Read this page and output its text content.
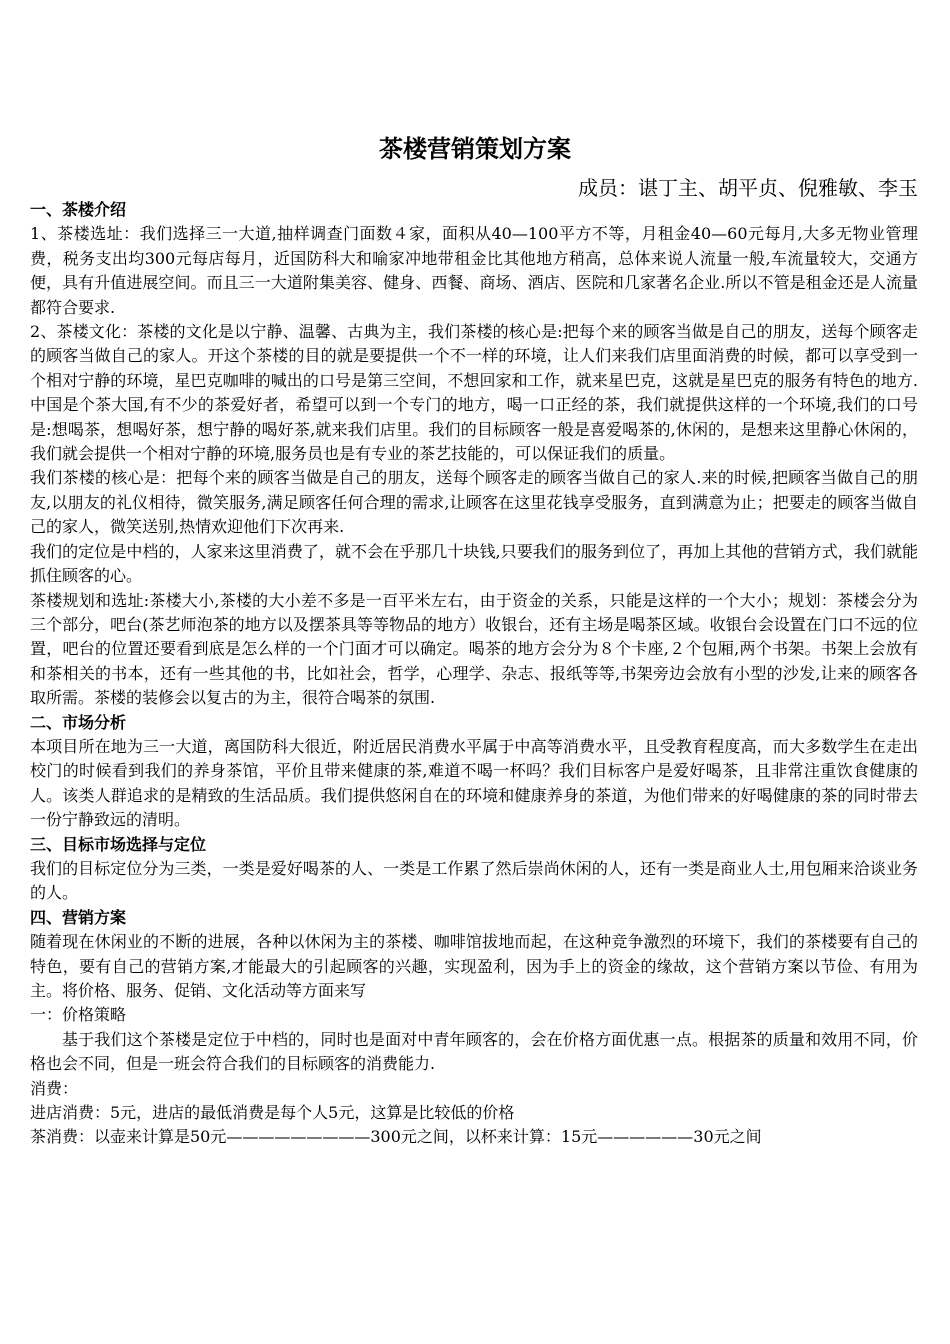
茶楼营销策划方案
成员：谌丁主、胡平贞、倪雅敏、李玉
一、茶楼介绍

1、茶楼选址：我们选择三一大道,抽样调查门面数４家，面积从40—100平方不等，月租金40—60元每月,大多无物业管理费，税务支出均300元每店每月，近国防科大和喻家冲地带租金比其他地方稍高，总体来说人流量一般,车流量较大，交通方便，具有升值进展空间。而且三一大道附集美容、健身、西餐、商场、酒店、医院和几家著名企业.所以不管是租金还是人流量都符合要求.

2、茶楼文化：茶楼的文化是以宁静、温馨、古典为主，我们茶楼的核心是:把每个来的顾客当做是自己的朋友，送每个顾客走的顾客当做自己的家人。开这个茶楼的目的就是要提供一个不一样的环境，让人们来我们店里面消费的时候，都可以享受到一个相对宁静的环境，星巴克咖啡的喊出的口号是第三空间，不想回家和工作，就来星巴克，这就是星巴克的服务有特色的地方.中国是个茶大国,有不少的茶爱好者，希望可以到一个专门的地方，喝一口正经的茶，我们就提供这样的一个环境,我们的口号是:想喝茶，想喝好茶，想宁静的喝好茶,就来我们店里。我们的目标顾客一般是喜爱喝茶的,休闲的，是想来这里静心休闲的，我们就会提供一个相对宁静的环境,服务员也是有专业的茶艺技能的，可以保证我们的质量。

我们茶楼的核心是：把每个来的顾客当做是自己的朋友，送每个顾客走的顾客当做自己的家人.来的时候,把顾客当做自己的朋友,以朋友的礼仪相待，微笑服务,满足顾客任何合理的需求,让顾客在这里花钱享受服务，直到满意为止；把要走的顾客当做自己的家人，微笑送别,热情欢迎他们下次再来.

我们的定位是中档的，人家来这里消费了，就不会在乎那几十块钱,只要我们的服务到位了，再加上其他的营销方式，我们就能抓住顾客的心。

茶楼规划和选址:茶楼大小,茶楼的大小差不多是一百平米左右，由于资金的关系，只能是这样的一个大小；规划：茶楼会分为三个部分，吧台(茶艺师泡茶的地方以及摆茶具等等物品的地方）收银台，还有主场是喝茶区域。收银台会设置在门口不远的位置，吧台的位置还要看到底是怎么样的一个门面才可以确定。喝茶的地方会分为８个卡座,２个包厢,两个书架。书架上会放有和茶相关的书本，还有一些其他的书，比如社会，哲学，心理学、杂志、报纸等等,书架旁边会放有小型的沙发,让来的顾客各取所需。茶楼的装修会以复古的为主，很符合喝茶的氛围.

二、市场分析

本项目所在地为三一大道，离国防科大很近，附近居民消费水平属于中高等消费水平，且受教育程度高，而大多数学生在走出校门的时候看到我们的养身茶馆，平价且带来健康的茶,难道不喝一杯吗？我们目标客户是爱好喝茶，且非常注重饮食健康的人。该类人群追求的是精致的生活品质。我们提供悠闲自在的环境和健康养身的茶道，为他们带来的好喝健康的茶的同时带去一份宁静致远的清明。

三、目标市场选择与定位

我们的目标定位分为三类，一类是爱好喝茶的人、一类是工作累了然后崇尚休闲的人，还有一类是商业人士,用包厢来洽谈业务的人。

四、营销方案

随着现在休闲业的不断的进展，各种以休闲为主的茶楼、咖啡馆拔地而起，在这种竞争激烈的环境下，我们的茶楼要有自己的特色，要有自己的营销方案,才能最大的引起顾客的兴趣，实现盈利，因为手上的资金的缘故，这个营销方案以节俭、有用为主。将价格、服务、促销、文化活动等方面来写

一：价格策略

基于我们这个茶楼是定位于中档的，同时也是面对中青年顾客的，会在价格方面优惠一点。根据茶的质量和效用不同，价格也会不同，但是一班会符合我们的目标顾客的消费能力.

消费：

进店消费：5元，进店的最低消费是每个人5元，这算是比较低的价格

茶消费：以壶来计算是50元—————————300元之间，以杯来计算：15元——————30元之间
